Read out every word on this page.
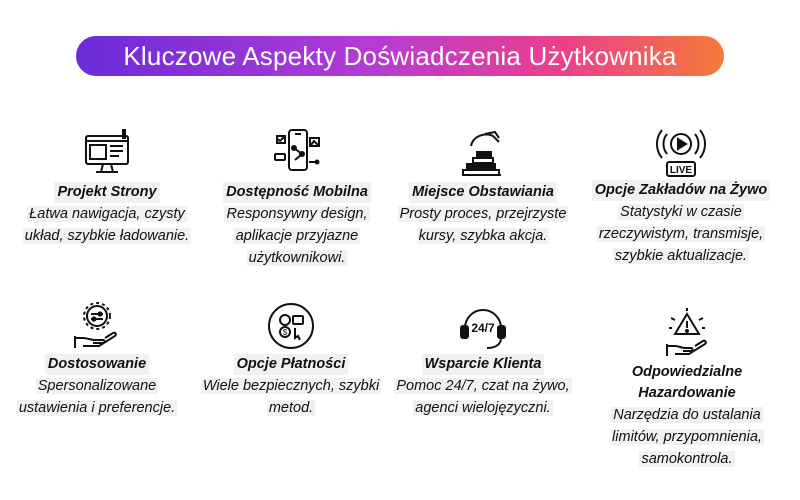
Kluczowe Aspekty Doświadczenia Użytkownika
Projekt Strony
Łatwa nawigacja, czysty układ, szybkie ładowanie.
Dostępność Mobilna
Responsywny design, aplikacje przyjazne użytkownikowi.
Miejsce Obstawiania
Prosty proces, przejrzyste kursy, szybka akcja.
LIVE
Opcje Zakładów na Żywo
Statystyki w czasie rzeczywistym, transmisje, szybkie aktualizacje.
Dostosowanie
Spersonalizowane ustawienia i preferencje.
$
Opcje Płatności
Wiele bezpiecznych, szybki metod.
24/7
Wsparcie Klienta
Pomoc 24/7, czat na żywo, agenci wielojęzyczni.
Odpowiedzialne Hazardowanie
Narzędzia do ustalania limitów, przypomnienia, samokontrola.
